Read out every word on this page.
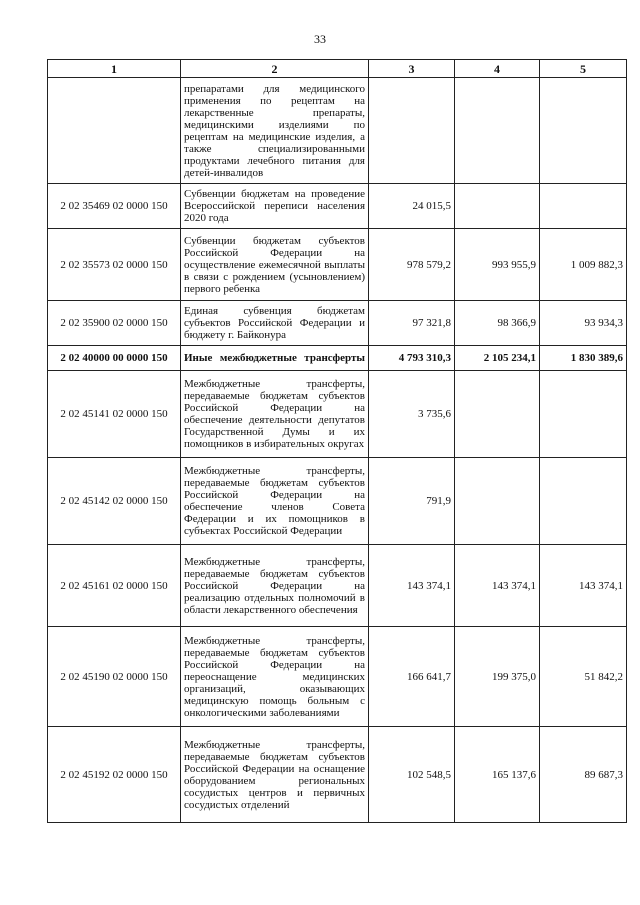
33
1	2	3	4	5
	препаратами для медицинского применения по рецептам на лекарственные препараты, медицинскими изделиями по рецептам на медицинские изделия, а также специализированными продуктами лечебного питания для детей-инвалидов			
2 02 35469 02 0000 150	Субвенции бюджетам на проведение Всероссийской переписи населения 2020 года	24 015,5		
2 02 35573 02 0000 150	Субвенции бюджетам субъектов Российской Федерации на осуществление ежемесячной выплаты в связи с рождением (усыновлением) первого ребенка	978 579,2	993 955,9	1 009 882,3
2 02 35900 02 0000 150	Единая субвенция бюджетам субъектов Российской Федерации и бюджету г. Байконура	97 321,8	98 366,9	93 934,3
2 02 40000 00 0000 150	Иные межбюджетные трансферты	4 793 310,3	2 105 234,1	1 830 389,6
2 02 45141 02 0000 150	Межбюджетные трансферты, передаваемые бюджетам субъектов Российской Федерации на обеспечение деятельности депутатов Государственной Думы и их помощников в избирательных округах	3 735,6		
2 02 45142 02 0000 150	Межбюджетные трансферты, передаваемые бюджетам субъектов Российской Федерации на обеспечение членов Совета Федерации и их помощников в субъектах Российской Федерации	791,9		
2 02 45161 02 0000 150	Межбюджетные трансферты, передаваемые бюджетам субъектов Российской Федерации на реализацию отдельных полномочий в области лекарственного обеспечения	143 374,1	143 374,1	143 374,1
2 02 45190 02 0000 150	Межбюджетные трансферты, передаваемые бюджетам субъектов Российской Федерации на переоснащение медицинских организаций, оказывающих медицинскую помощь больным с онкологическими заболеваниями	166 641,7	199 375,0	51 842,2
2 02 45192 02 0000 150	Межбюджетные трансферты, передаваемые бюджетам субъектов Российской Федерации на оснащение оборудованием региональных сосудистых центров и первичных сосудистых отделений	102 548,5	165 137,6	89 687,3
